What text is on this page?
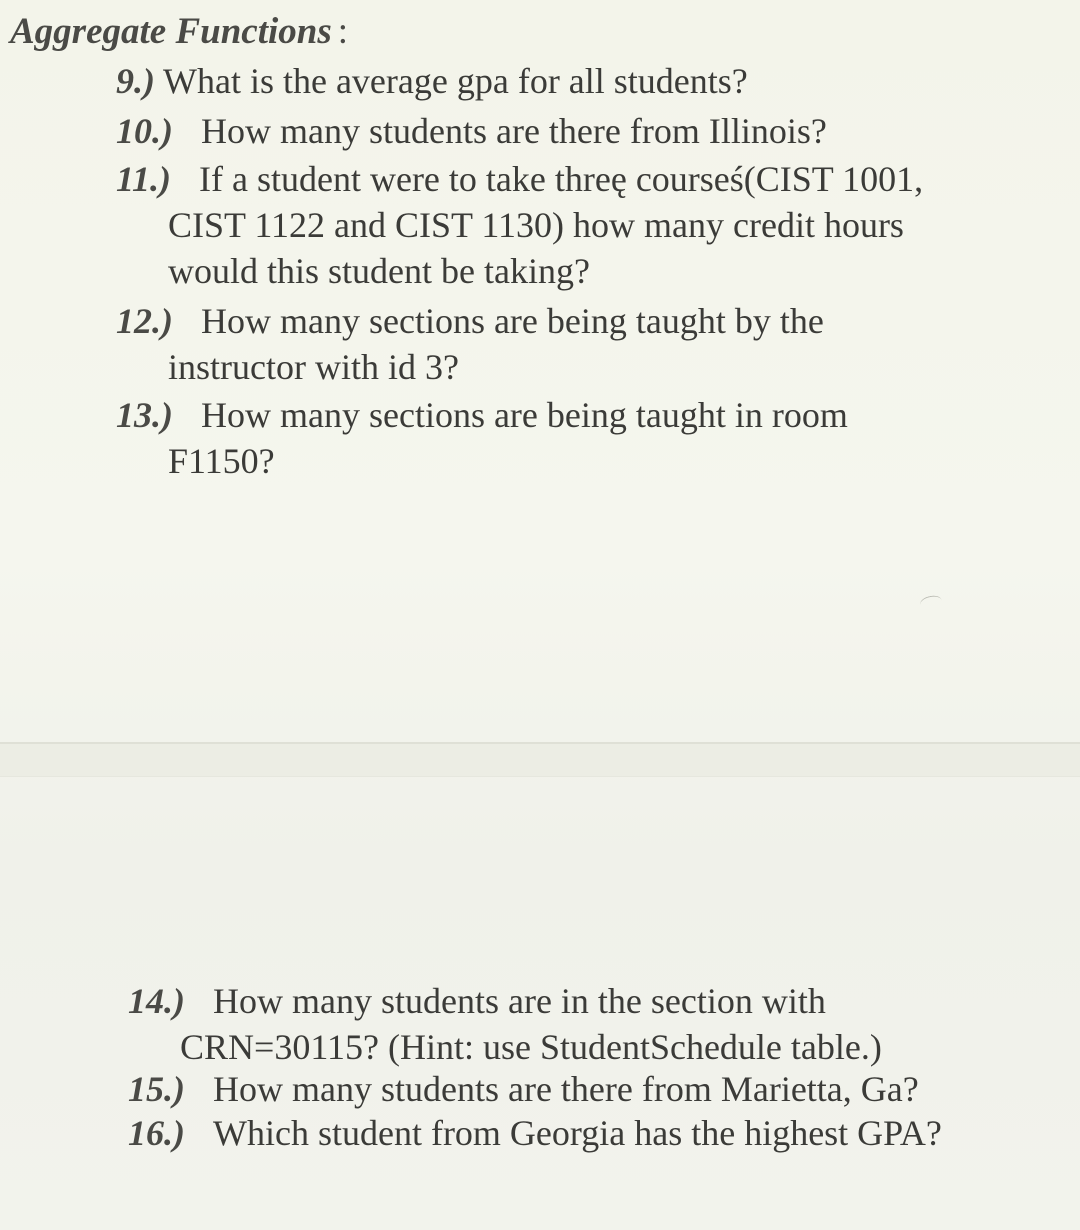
Aggregate Functions :
9.) What is the average gpa for all students?
10.) How many students are there from Illinois?
11.) If a student were to take threę courseś(CIST 1001,
CIST 1122 and CIST 1130) how many credit hours
would this student be taking?
12.) How many sections are being taught by the
instructor with id 3?
13.) How many sections are being taught in room
F1150?
14.) How many students are in the section with
CRN=30115? (Hint: use StudentSchedule table.)
15.) How many students are there from Marietta, Ga?
16.) Which student from Georgia has the highest GPA?
